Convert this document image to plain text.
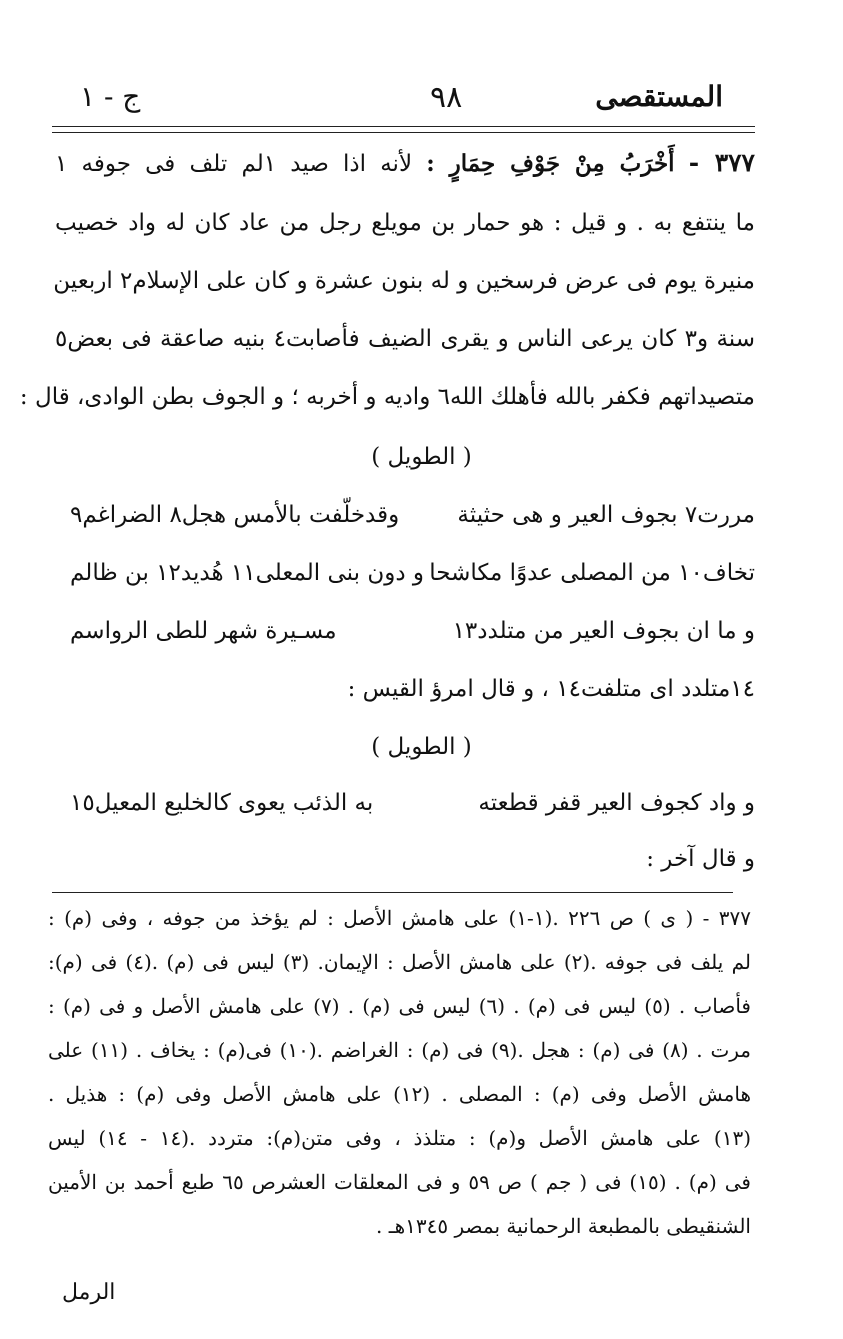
ج - ١	٩٨	المستقصى
٣٧٧ - أَخْرَبُ مِنْ جَوْفِ حِمَارٍ : لأنه اذا صيد ١لم تلف فى جوفه ١
ما ينتفع به . و قيل : هو حمار بن مويلع رجل من عاد كان له واد خصيب
منيرة يوم فى عرض فرسخين و له بنون عشرة و كان على الإسلام٢ اربعين
سنة و٣ كان يرعى الناس و يقرى الضيف فأصابت٤ بنيه صاعقة فى بعض٥
متصيداتهم فكفر بالله فأهلك الله٦ واديه و أخربه ؛ و الجوف بطن الوادى، قال :
( الطويل )
مررت٧ بجوف العير و هى حثيثة
وقدخلّفت بالأمس هجل٨ الضراغم٩
تخاف١٠ من المصلى عدوًا مكاشحا
و دون بنى المعلى١١ هُديد١٢ بن ظالم
و ما ان بجوف العير من متلدد١٣
مسـيرة شهر للطى الرواسم
١٤متلدد اى متلفت١٤ ، و قال امرؤ القيس :
( الطويل )
و واد كجوف العير قفر قطعته
به الذئب يعوى كالخليع المعيل١٥
و قال آخر :
٣٧٧ - ( ى ) ص ٢٢٦ .(١-١) على هامش الأصل : لم يؤخذ من جوفه ، وفى (م) :
لم يلف فى جوفه .(٢) على هامش الأصل : الإيمان. (٣) ليس فى (م) .(٤) فى (م):
فأصاب . (٥) ليس فى (م) . (٦) ليس فى (م) . (٧) على هامش الأصل و فى (م) :
مرت . (٨) فى (م) : هجل .(٩) فى (م) : الغراضم .(١٠) فى(م) : يخاف . (١١) على
هامش الأصل وفى (م) : المصلى . (١٢) على هامش الأصل وفى (م) : هذيل .
(١٣) على هامش الأصل و(م) : متلذذ ، وفى متن(م): متردد .(١٤ - ١٤) ليس
فى (م) . (١٥) فى ( جم ) ص ٥٩ و فى المعلقات العشرص ٦٥ طبع أحمد بن الأمين
الشنقيطى بالمطبعة الرحمانية بمصر ١٣٤٥هـ .
الرمل
